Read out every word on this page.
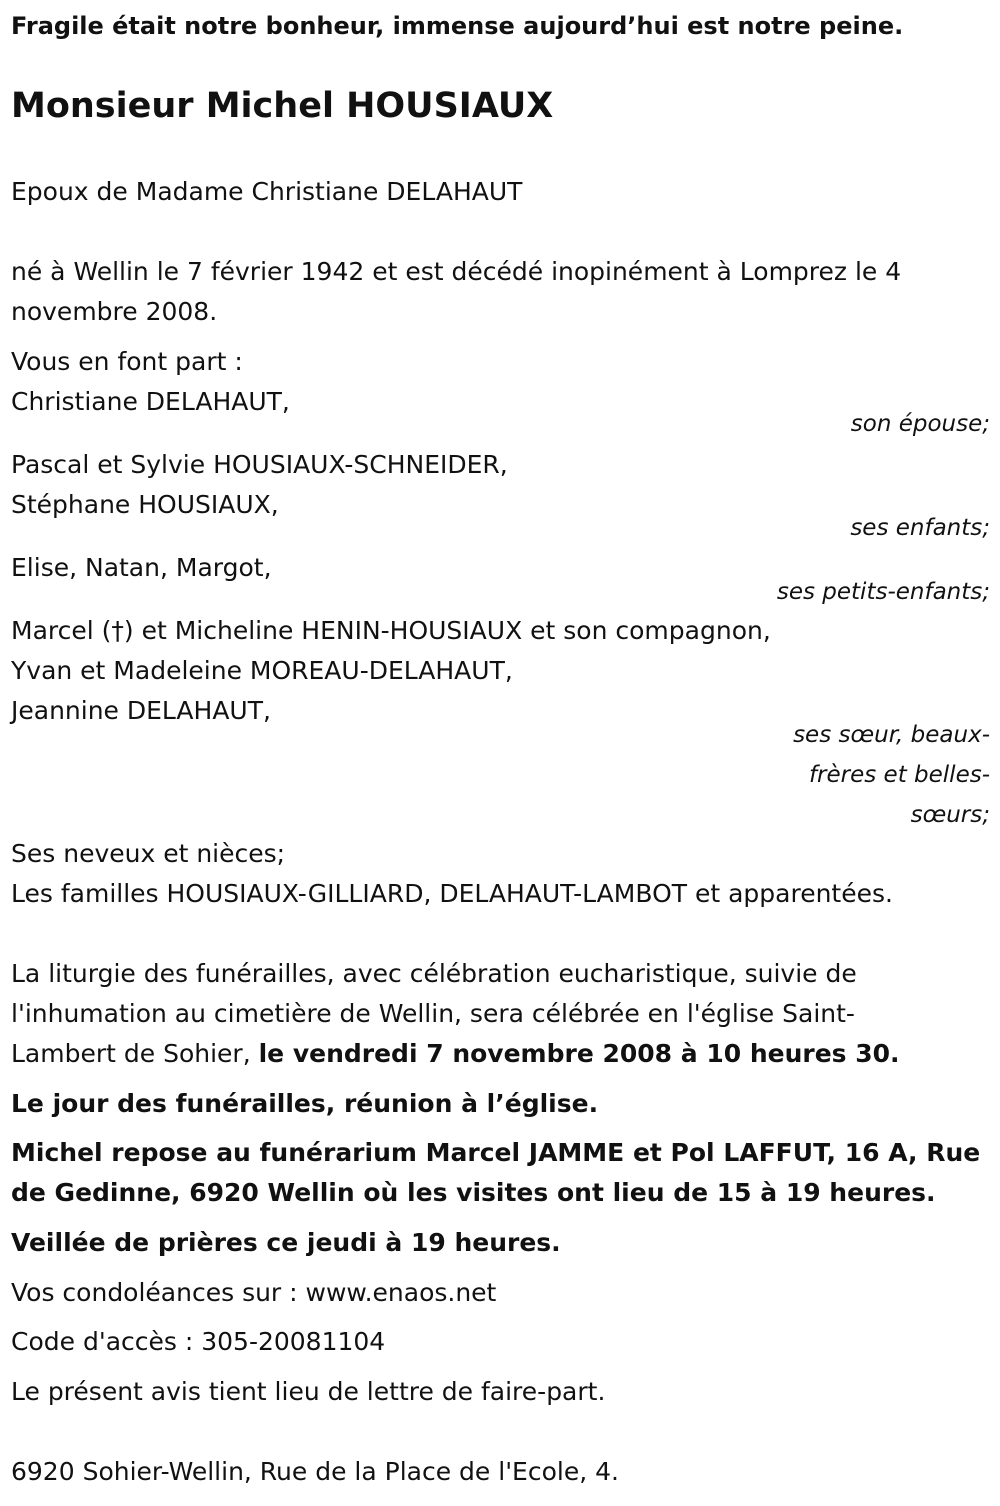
Fragile était notre bonheur, immense aujourd’hui est notre peine.

Monsieur Michel HOUSIAUX

Epoux de Madame Christiane DELAHAUT

né à Wellin le 7 février 1942 et est décédé inopinément à Lomprez le 4
novembre 2008.
Vous en font part :
Christiane DELAHAUT,
son épouse;
Pascal et Sylvie HOUSIAUX-SCHNEIDER,
Stéphane HOUSIAUX,
ses enfants;
Elise, Natan, Margot,
ses petits-enfants;
Marcel (†) et Micheline HENIN-HOUSIAUX et son compagnon,
Yvan et Madeleine MOREAU-DELAHAUT,
Jeannine DELAHAUT,
ses sœur, beaux-
frères et belles-
sœurs;
Ses neveux et nièces;
Les familles HOUSIAUX-GILLIARD, DELAHAUT-LAMBOT et apparentées.
La liturgie des funérailles, avec célébration eucharistique, suivie de
l'inhumation au cimetière de Wellin, sera célébrée en l'église Saint-
Lambert de Sohier, le vendredi 7 novembre 2008 à 10 heures 30.

Le jour des funérailles, réunion à l’église.

Michel repose au funérarium Marcel JAMME et Pol LAFFUT, 16 A, Rue
de Gedinne, 6920 Wellin où les visites ont lieu de 15 à 19 heures.

Veillée de prières ce jeudi à 19 heures.

Vos condoléances sur : www.enaos.net

Code d'accès : 305-20081104

Le présent avis tient lieu de lettre de faire-part.

6920 Sohier-Wellin, Rue de la Place de l'Ecole, 4.
